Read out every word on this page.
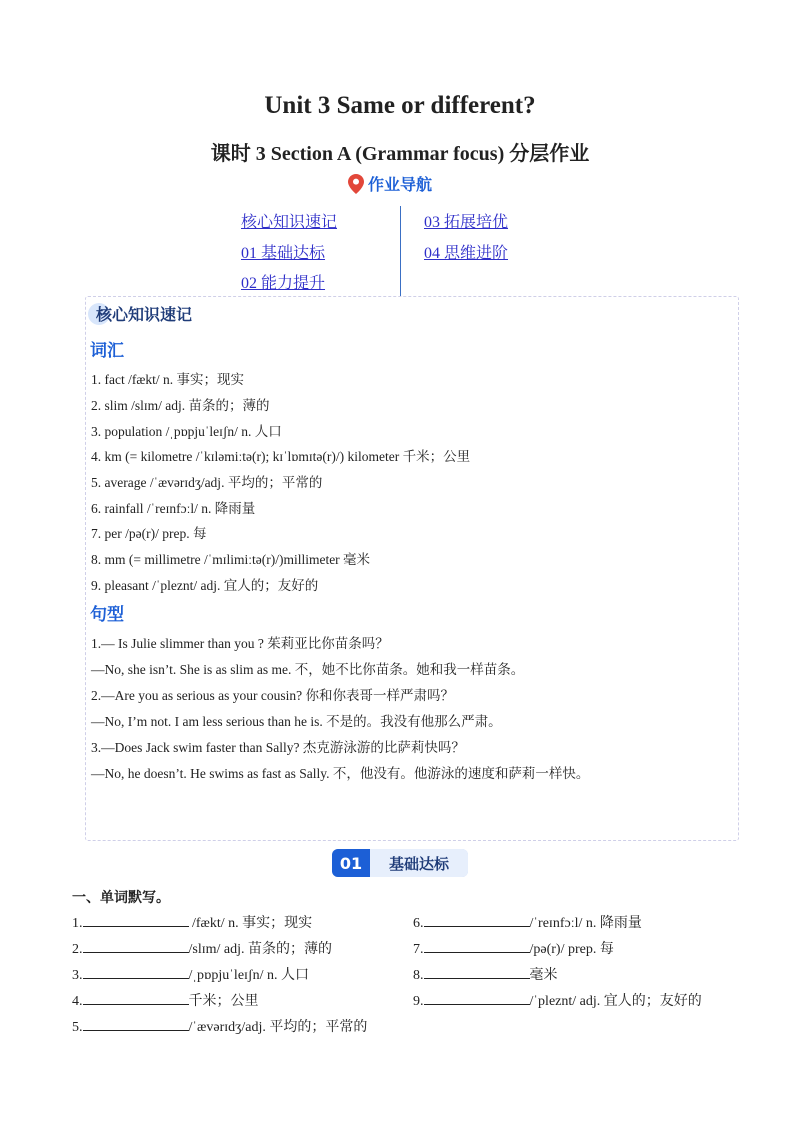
Unit 3 Same or different?
课时 3 Section A (Grammar focus) 分层作业
作业导航
核心知识速记
01 基础达标
02 能力提升
03 拓展培优
04 思维进阶
核心知识速记
词汇
1. fact /fækt/ n. 事实；现实
2. slim /slɪm/ adj. 苗条的；薄的
3. population /ˌpɒpjuˈleɪʃn/ n. 人口
4. km (= kilometre /ˈkɪləmiːtə(r); kɪˈlɒmɪtə(r)/) kilometer 千米；公里
5. average /ˈævərɪdʒ/adj. 平均的；平常的
6. rainfall /ˈreɪnfɔːl/ n. 降雨量
7. per /pə(r)/ prep. 每
8. mm (= millimetre /ˈmɪlimiːtə(r)/)millimeter 毫米
9. pleasant /ˈpleznt/ adj. 宜人的；友好的
句型
1.— Is Julie slimmer than you ? 茱莉亚比你苗条吗？
—No, she isn’t. She is as slim as me. 不，她不比你苗条。她和我一样苗条。
2.—Are you as serious as your cousin? 你和你表哥一样严肃吗？
—No, I’m not. I am less serious than he is. 不是的。我没有他那么严肃。
3.—Does Jack swim faster than Sally? 杰克游泳游的比萨莉快吗？
—No, he doesn’t. He swims as fast as Sally. 不，他没有。他游泳的速度和萨莉一样快。
01	基础达标
一、单词默写。
1.	/fækt/ n. 事实；现实
2.	/slɪm/ adj. 苗条的；薄的
3.	/ˌpɒpjuˈleɪʃn/ n. 人口
4.	千米；公里
5.	/ˈævərɪdʒ/adj. 平均的；平常的
6.	/ˈreɪnfɔːl/ n. 降雨量
7.	/pə(r)/ prep. 每
8.	毫米
9.	/ˈpleznt/ adj. 宜人的；友好的
